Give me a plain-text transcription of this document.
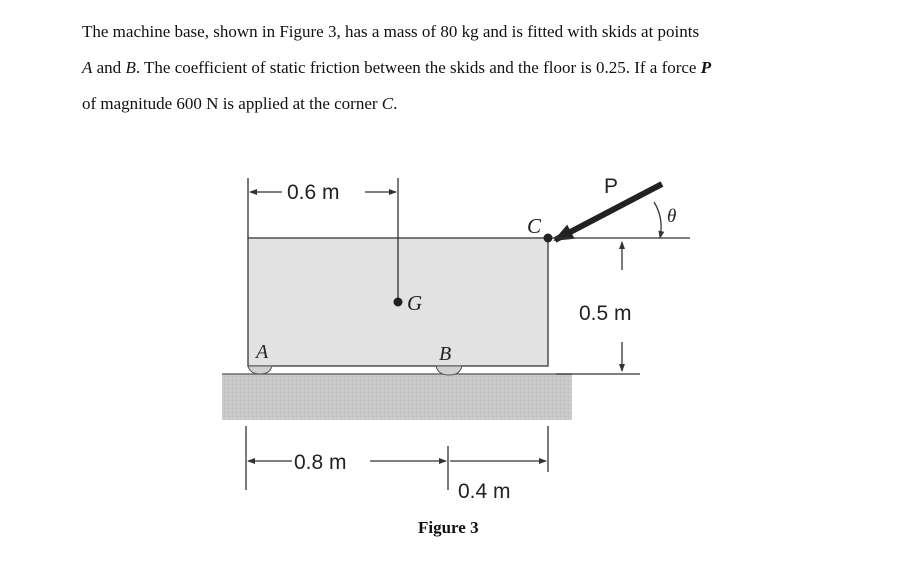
The machine base, shown in Figure 3, has a mass of 80 kg and is fitted with skids at points

A and B. The coefficient of static friction between the skids and the floor is 0.25. If a force P

of magnitude 600 N is applied at the corner C.

A	B
0.6 m
G
C
P
θ
0.5 m
0.8 m
0.4 m
Figure 3
